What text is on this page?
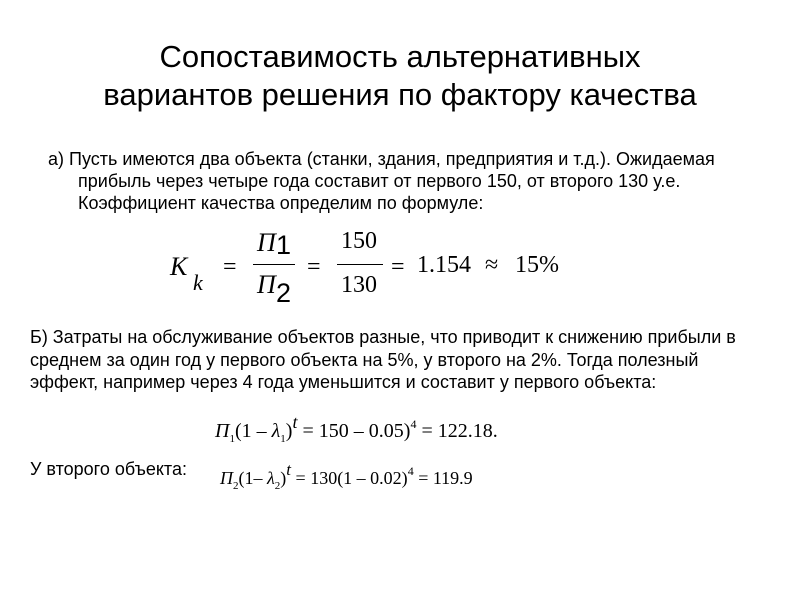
Сопоставимость альтернативных
вариантов решения по фактору качества
а) Пусть имеются два объекта (станки, здания, предприятия и т.д.). Ожидаемая прибыль через четыре года составит от первого 150, от второго 130 у.е. Коэффициент качества определим по формуле:
K
k
=
П 1
П 2
=
150
130
= 1.154 ≈ 15%
Б) Затраты на обслуживание объектов разные, что приводит к снижению прибыли в среднем за один год у первого объекта на 5%, у второго на 2%. Тогда полезный эффект, например через 4 года уменьшится и составит у первого объекта:
$П_1(1 - \lambda_1)t = 150 - 0.05)^4 = 122.18$.
У второго объекта: $П_2(1-$ $\lambda_2)t = 130(1 - 0.02)^4 = 119.9$
